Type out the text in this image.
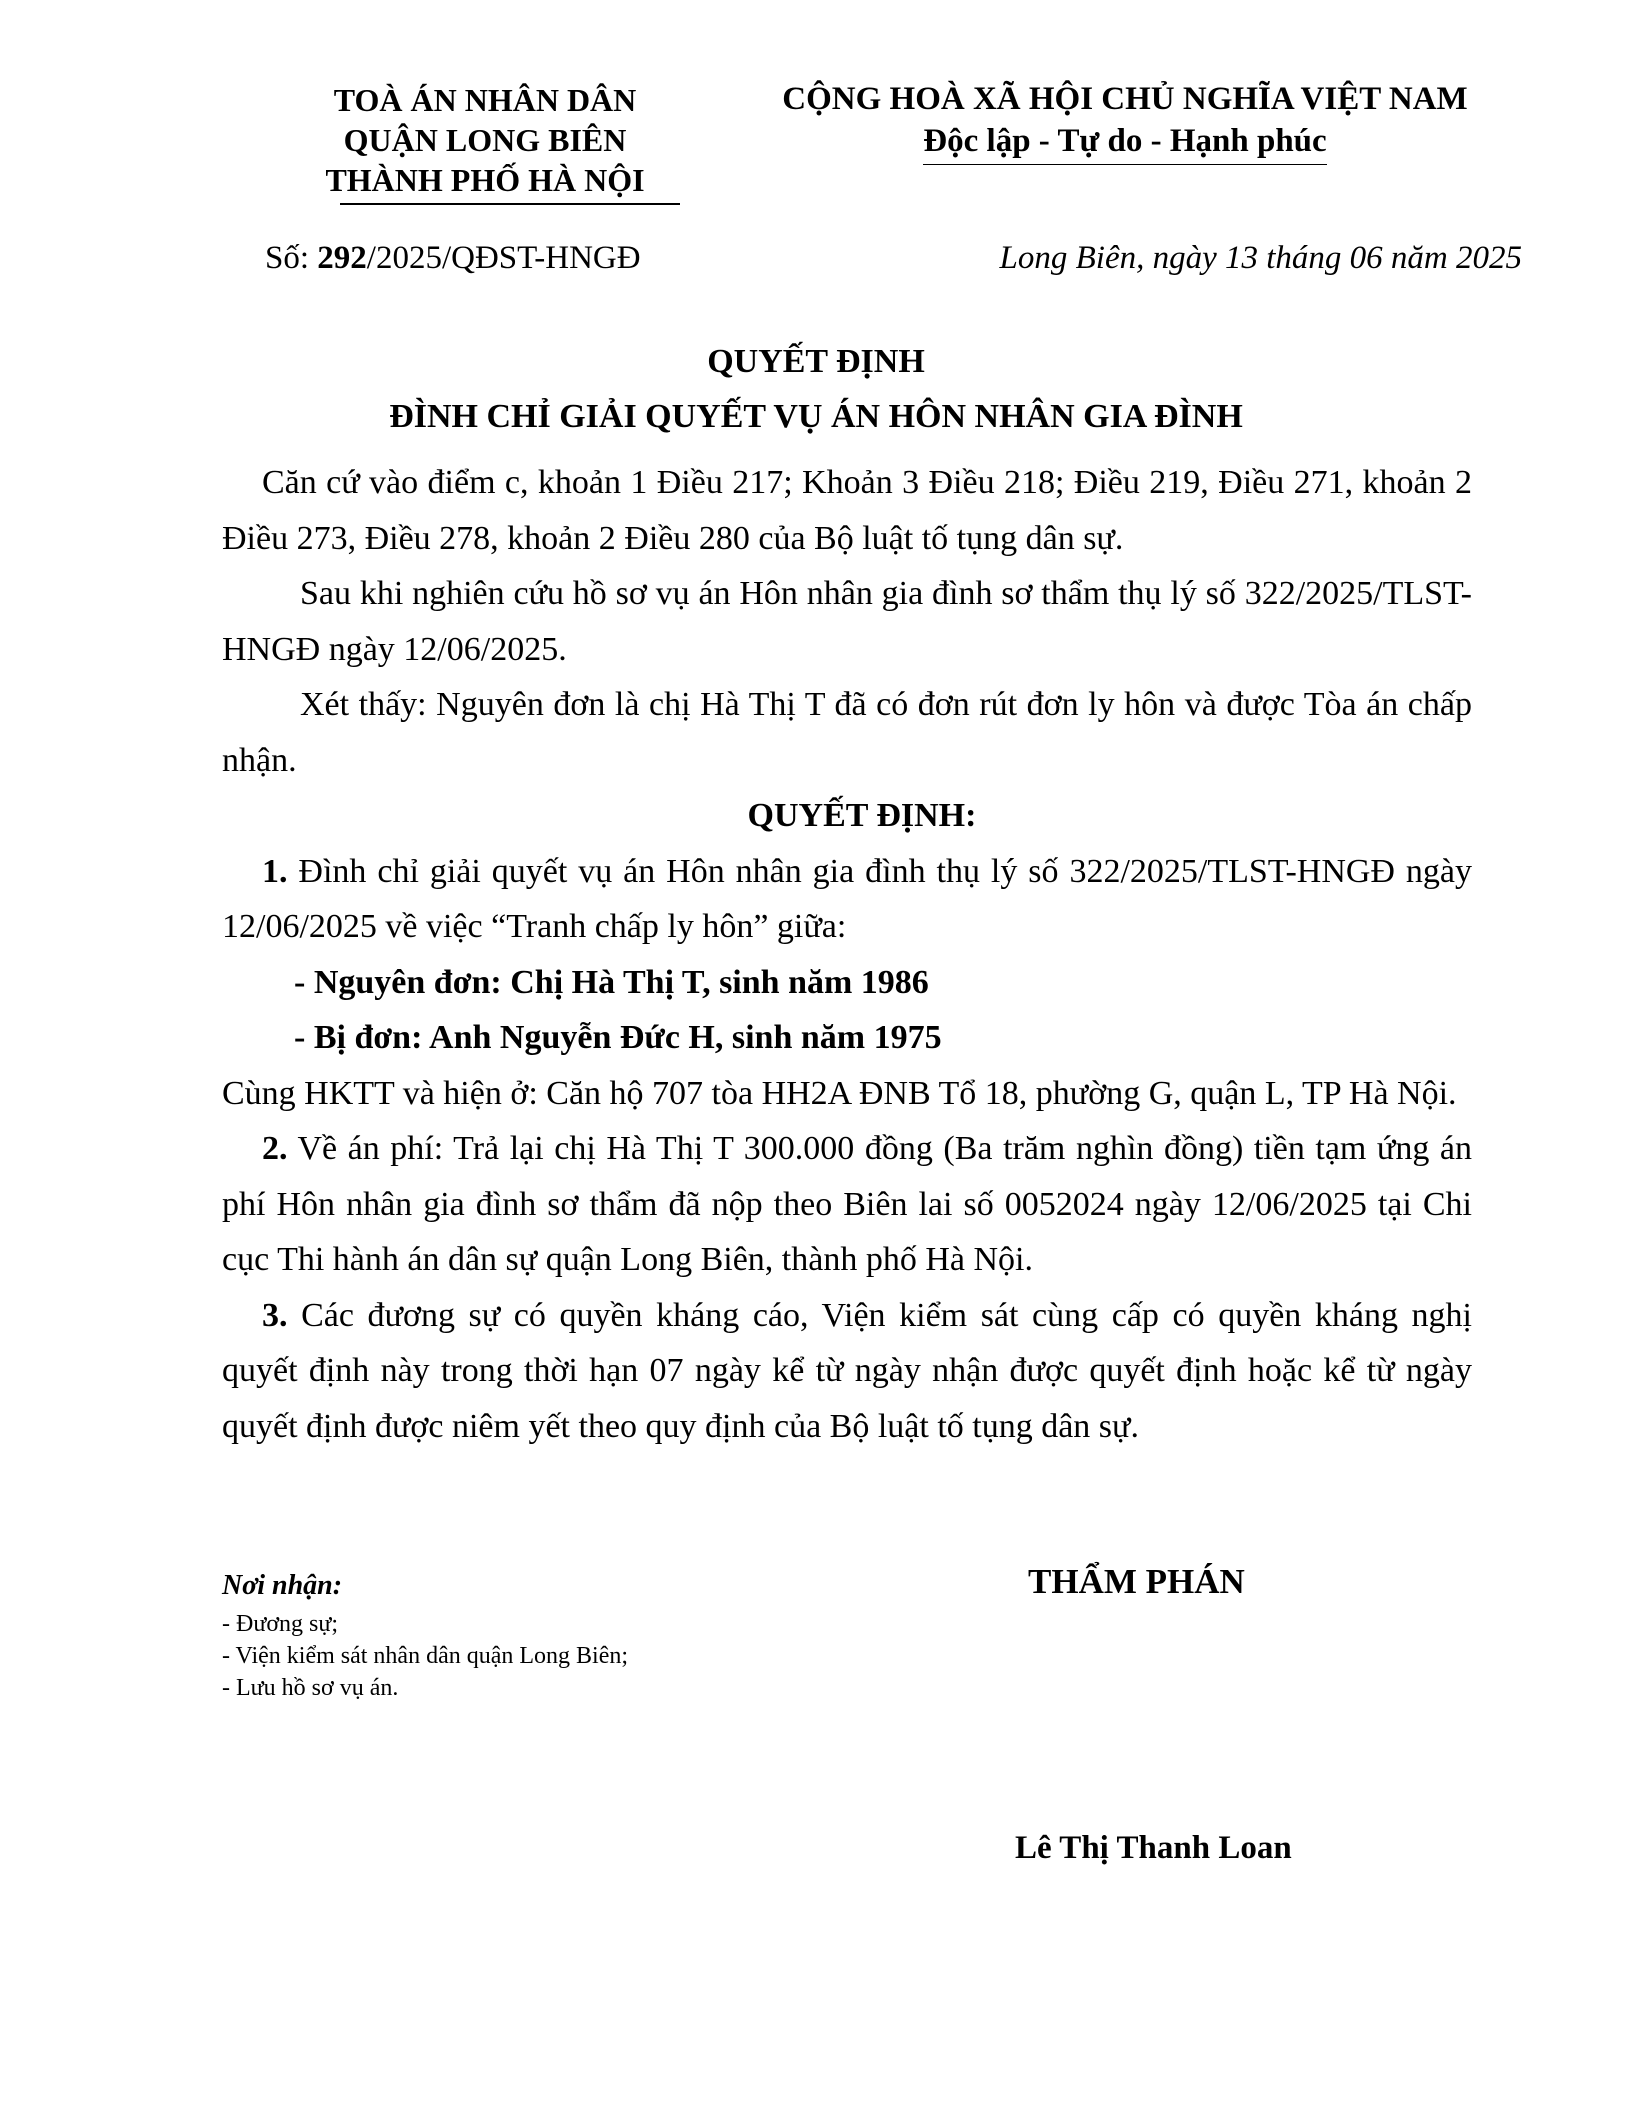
TOÀ ÁN NHÂN DÂN
QUẬN LONG BIÊN
THÀNH PHỐ HÀ NỘI
CỘNG HOÀ XÃ HỘI CHỦ NGHĨA VIỆT NAM
Độc lập - Tự do - Hạnh phúc
Số: 292/2025/QĐST-HNGĐ	Long Biên, ngày 13 tháng 06 năm 2025
QUYẾT ĐỊNH
ĐÌNH CHỈ GIẢI QUYẾT VỤ ÁN HÔN NHÂN GIA ĐÌNH

Căn cứ vào điểm c, khoản 1 Điều 217; Khoản 3 Điều 218; Điều 219, Điều 271, khoản 2 Điều 273, Điều 278, khoản 2 Điều 280 của Bộ luật tố tụng dân sự.

Sau khi nghiên cứu hồ sơ vụ án Hôn nhân gia đình sơ thẩm thụ lý số 322/2025/TLST-HNGĐ ngày 12/06/2025.

Xét thấy: Nguyên đơn là chị Hà Thị T đã có đơn rút đơn ly hôn và được Tòa án chấp nhận.

QUYẾT ĐỊNH:

1. Đình chỉ giải quyết vụ án Hôn nhân gia đình thụ lý số 322/2025/TLST-HNGĐ ngày 12/06/2025 về việc “Tranh chấp ly hôn” giữa:

- Nguyên đơn: Chị Hà Thị T, sinh năm 1986

- Bị đơn: Anh Nguyễn Đức H, sinh năm 1975

Cùng HKTT và hiện ở: Căn hộ 707 tòa HH2A ĐNB Tổ 18, phường G, quận L, TP Hà Nội.

2. Về án phí: Trả lại chị Hà Thị T 300.000 đồng (Ba trăm nghìn đồng) tiền tạm ứng án phí Hôn nhân gia đình sơ thẩm đã nộp theo Biên lai số 0052024 ngày 12/06/2025 tại Chi cục Thi hành án dân sự quận Long Biên, thành phố Hà Nội.

3. Các đương sự có quyền kháng cáo, Viện kiểm sát cùng cấp có quyền kháng nghị quyết định này trong thời hạn 07 ngày kể từ ngày nhận được quyết định hoặc kể từ ngày quyết định được niêm yết theo quy định của Bộ luật tố tụng dân sự.

Nơi nhận:
- Đương sự;
- Viện kiểm sát nhân dân quận Long Biên;
- Lưu hồ sơ vụ án.
THẨM PHÁN
Lê Thị Thanh Loan
